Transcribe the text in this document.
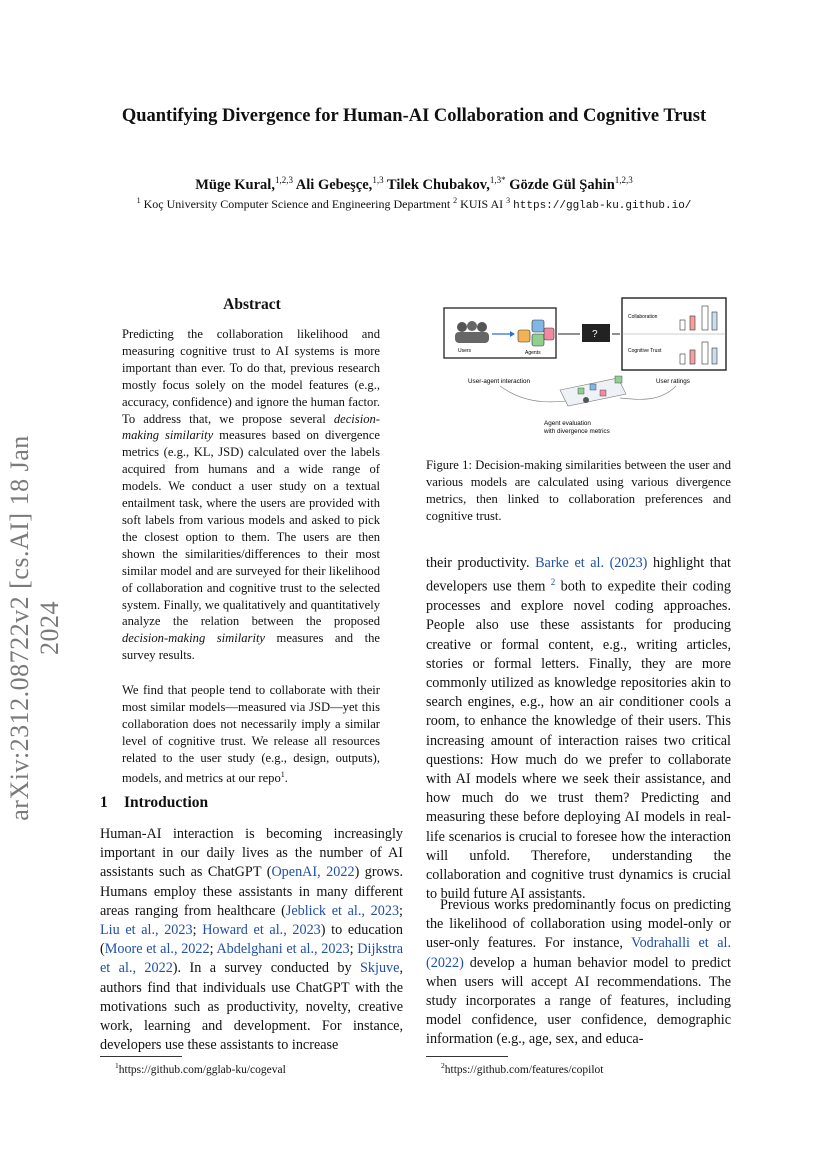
Quantifying Divergence for Human-AI Collaboration and Cognitive Trust
Müge Kural,$^{1,2,3}$ Ali Gebeşçe,$^{1,3}$ Tilek Chubakov,$^{1,3*}$ Gözde Gül Şahin$^{1,2,3}$
$^1$ Koç University Computer Science and Engineering Department $^2$ KUIS AI $^3$ https://gglab-ku.github.io/
arXiv:2312.08722v2 [cs.AI] 18 Jan 2024
Abstract
Predicting the collaboration likelihood and measuring cognitive trust to AI systems is more important than ever. To do that, previous research mostly focus solely on the model features (e.g., accuracy, confidence) and ignore the human factor. To address that, we propose several decision-making similarity measures based on divergence metrics (e.g., KL, JSD) calculated over the labels acquired from humans and a wide range of models. We conduct a user study on a textual entailment task, where the users are provided with soft labels from various models and asked to pick the closest option to them. The users are then shown the similarities/differences to their most similar model and are surveyed for their likelihood of collaboration and cognitive trust to the selected system. Finally, we qualitatively and quantitatively analyze the relation between the proposed decision-making similarity measures and the survey results.
We find that people tend to collaborate with their most similar models—measured via JSD—yet this collaboration does not necessarily imply a similar level of cognitive trust. We release all resources related to the user study (e.g., design, outputs), models, and metrics at our repo$^1$.
1 Introduction
Human-AI interaction is becoming increasingly important in our daily lives as the number of AI assistants such as ChatGPT (OpenAI, 2022) grows. Humans employ these assistants in many different areas ranging from healthcare (Jeblick et al., 2023; Liu et al., 2023; Howard et al., 2023) to education (Moore et al., 2022; Abdelghani et al., 2023; Dijkstra et al., 2022). In a survey conducted by Skjuve, authors find that individuals use ChatGPT with the motivations such as productivity, novelty, creative work, learning and development. For instance, developers use these assistants to increase
their productivity. Barke et al. (2023) highlight that developers use them $^2$ both to expedite their coding processes and explore novel coding approaches. People also use these assistants for producing creative or formal content, e.g., writing articles, stories or formal letters. Finally, they are more commonly utilized as knowledge repositories akin to search engines, e.g., how an air conditioner cools a room, to enhance the knowledge of their users. This increasing amount of interaction raises two critical questions: How much do we prefer to collaborate with AI models where we seek their assistance, and how much do we trust them? Predicting and measuring these before deploying AI models in real-life scenarios is crucial to foresee how the interaction will unfold. Therefore, understanding the collaboration and cognitive trust dynamics is crucial to build future AI assistants.
Previous works predominantly focus on predicting the likelihood of collaboration using model-only or user-only features. For instance, Vodrahalli et al. (2022) develop a human behavior model to predict when users will accept AI recommendations. The study incorporates a range of features, including model confidence, user confidence, demographic information (e.g., age, sex, and educa-
Users	Agents
?
Collaboration
Cognitive Trust
User-agent interaction	User ratings
Agent evaluation
with divergence metrics
Figure 1: Decision-making similarities between the user and various models are calculated using various divergence metrics, then linked to collaboration preferences and cognitive trust.
$^1$https://github.com/gglab-ku/cogeval	$^2$https://github.com/features/copilot
